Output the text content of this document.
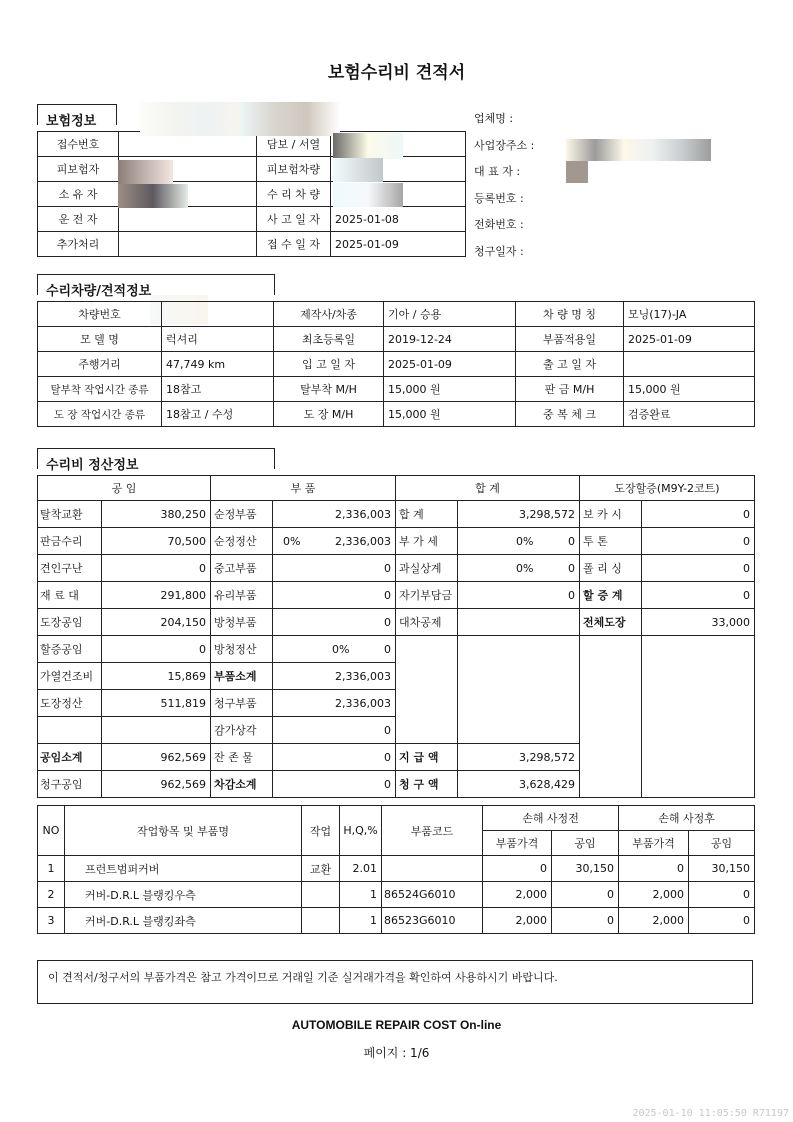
보험수리비 견적서
보험정보
접수번호		담보 / 서열	
피보험자		피보험차량	
소 유 자		수 리 차 량	
운 전 자		사 고 일 자	2025-01-08
추가처리		접 수 일 자	2025-01-09
업체명 :
사업장주소 :
대 표 자 :
등록번호 :
전화번호 :
청구일자 :
수리차량/견적정보
차량번호		제작사/차종	기아 / 승용	차 량 명 칭	모닝(17)-JA
모 델 명	럭셔리	최초등록일	2019-12-24	부품적용일	2025-01-09
주행거리	47,749 km	입 고 일 자	2025-01-09	출 고 일 자	
탈부착 작업시간 종류	18참고	탈부착 M/H	15,000 원	판 금 M/H	15,000 원
도 장 작업시간 종류	18참고 / 수성	도 장 M/H	15,000 원	중 복 체 크	검증완료
수리비 정산정보
공 임		부 품		합 계		도장할증(M9Y-2코트)	
탈착교환	380,250	순정부품	2,336,003	합 계	3,298,572	보 카 시	0
판금수리	70,500	순정정산	0% 2,336,003	부 가 세	0% 0	투 톤	0
견인구난	0	중고부품	0	과실상계	0% 0	폴 리 싱	0
재 료 대	291,800	유리부품	0	자기부담금	0	할 증 계	0
도장공임	204,150	방청부품	0	대차공제		전체도장	33,000
할증공임	0	방청정산	0% 0				
가열건조비	15,869	부품소계	2,336,003				
도장정산	511,819	청구부품	2,336,003				
		감가상각	0				
공임소계	962,569	잔 존 물	0	지 급 액	3,298,572		
청구공임	962,569	차감소계	0	청 구 액	3,628,429		
NO	작업항목 및 부품명	작업	H,Q,%	부품코드	손해 사정전		손해 사정후	
					부품가격	공임	부품가격	공임
1	프런트범퍼커버	교환	2.01		0	30,150	0	30,150
2	커버-D.R.L 블랭킹우측		1	86524G6010	2,000	0	2,000	0
3	커버-D.R.L 블랭킹좌측		1	86523G6010	2,000	0	2,000	0
이 견적서/청구서의 부품가격은 참고 가격이므로 거래일 기준 실거래가격을 확인하여 사용하시기 바랍니다.
AUTOMOBILE REPAIR COST On-line
페이지 : 1/6
2025-01-10 11:05:50 R71197
